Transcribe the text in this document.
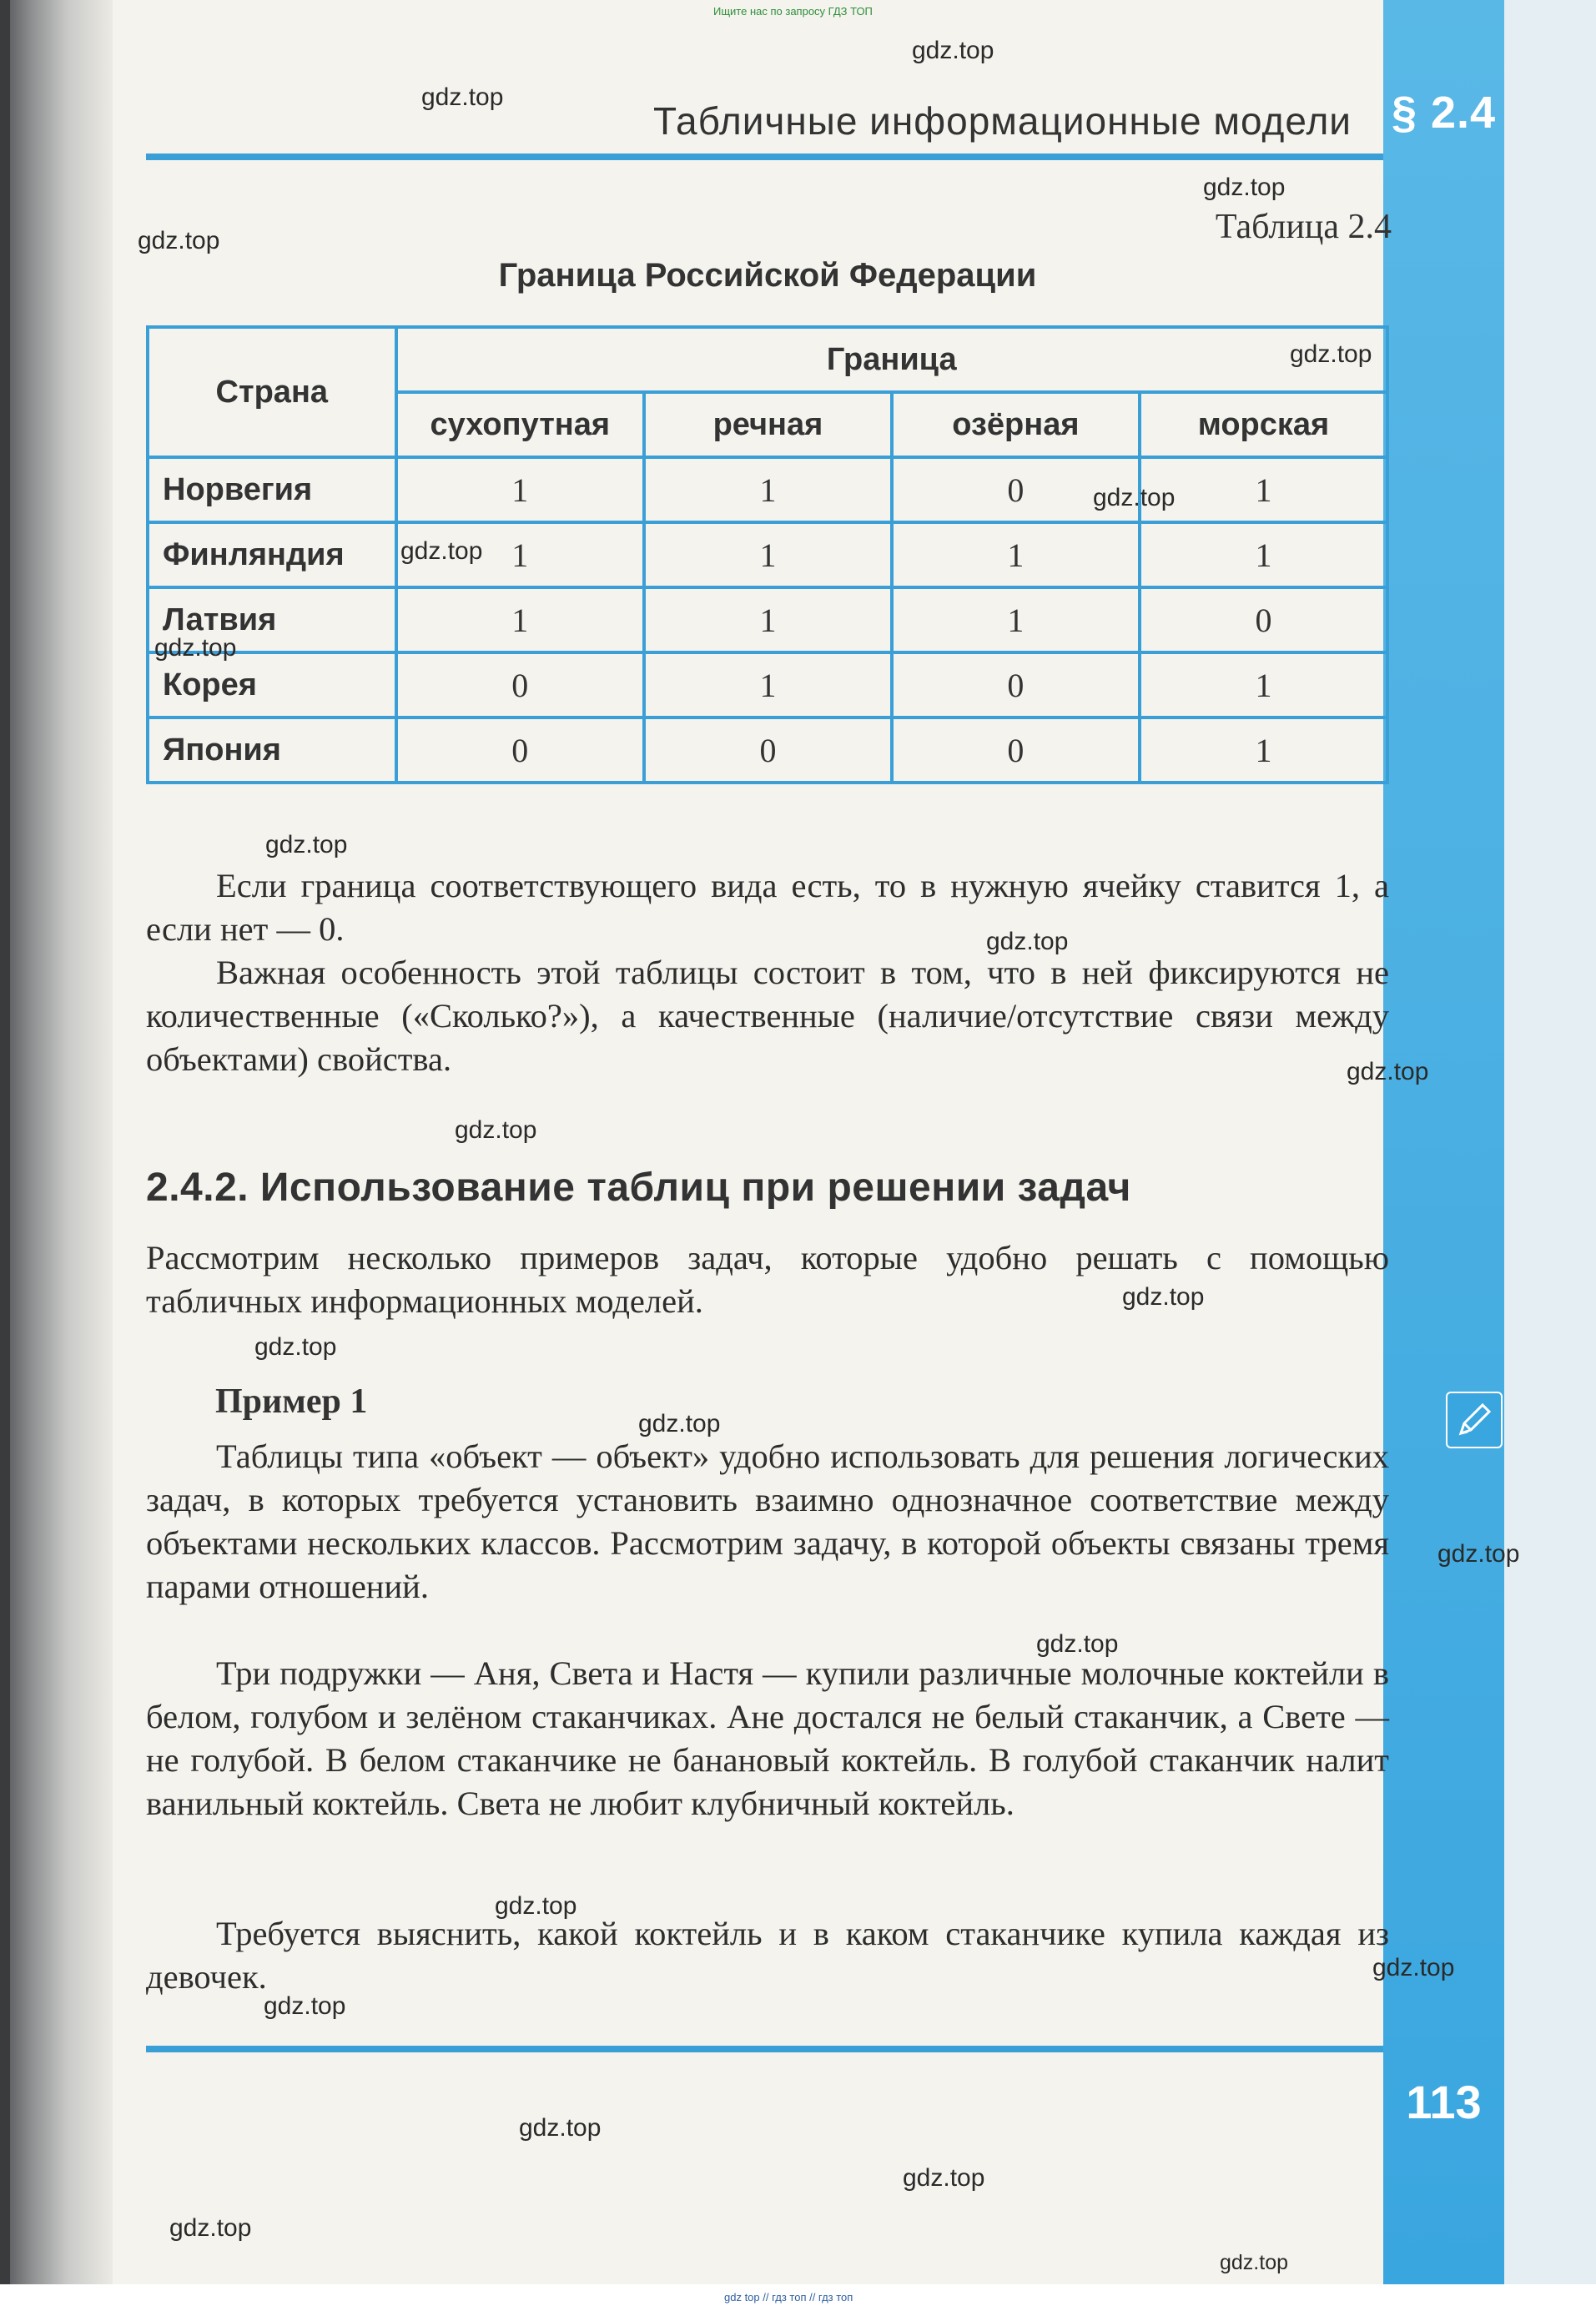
Ищите нас по запросу ГДЗ ТОП
Табличные информационные модели § 2.4
Таблица 2.4
Граница Российской Федерации
Страна	Граница			
	сухопутная	речная	озёрная	морская
Норвегия	1	1	0	1
Финляндия	1	1	1	1
Латвия	1	1	1	0
Корея	0	1	0	1
Япония	0	0	0	1
Если граница соответствующего вида есть, то в нужную ячейку ставится 1, а если нет — 0.
Важная особенность этой таблицы состоит в том, что в ней фиксируются не количественные («Сколько?»), а качественные (наличие/отсутствие связи между объектами) свойства.
2.4.2. Использование таблиц при решении задач
Рассмотрим несколько примеров задач, которые удобно решать с помощью табличных информационных моделей.
Пример 1
Таблицы типа «объект — объект» удобно использовать для решения логических задач, в которых требуется установить взаимно однозначное соответствие между объектами нескольких классов. Рассмотрим задачу, в которой объекты связаны тремя парами отношений.
Три подружки — Аня, Света и Настя — купили различные молочные коктейли в белом, голубом и зелёном стаканчиках. Ане достался не белый стаканчик, а Свете — не голубой. В белом стаканчике не банановый коктейль. В голубой стаканчик налит ванильный коктейль. Света не любит клубничный коктейль.
Требуется выяснить, какой коктейль и в каком стаканчике купила каждая из девочек.
113
gdz.top
gdz.top
gdz.top
gdz.top
gdz.top
gdz.top
gdz.top
gdz.top
gdz.top
gdz.top
gdz.top
gdz.top
gdz.top
gdz.top
gdz.top
gdz.top
gdz.top
gdz.top
gdz.top
gdz.top
gdz.top
gdz.top
gdz.top
gdz.top
gdz top // гдз топ // гдз топ
